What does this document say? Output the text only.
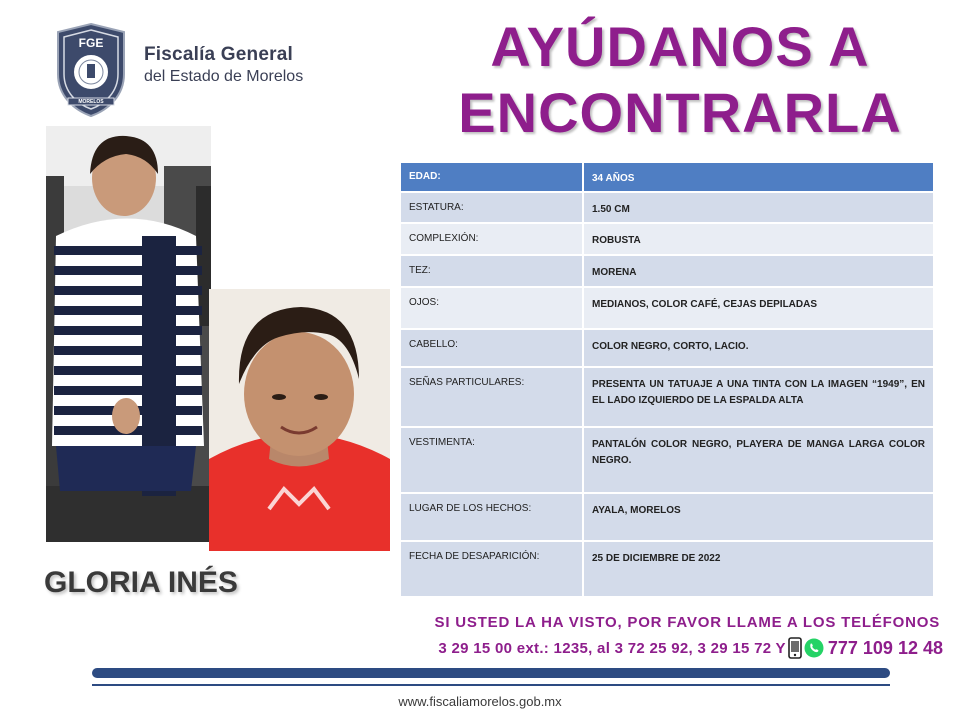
FGE
MORELOS
Fiscalía General
del Estado de Morelos	AYÚDANOS A
ENCONTRARLA
GLORIA INÉS
EDAD:	34 AÑOS
ESTATURA:	1.50 CM
COMPLEXIÓN:	ROBUSTA
TEZ:	MORENA
OJOS:	MEDIANOS, COLOR CAFÉ, CEJAS DEPILADAS
CABELLO:	COLOR NEGRO, CORTO, LACIO.
SEÑAS PARTICULARES:	PRESENTA UN TATUAJE A UNA TINTA CON LA IMAGEN “1949”, EN EL LADO IZQUIERDO DE LA ESPALDA ALTA
VESTIMENTA:	PANTALÓN COLOR NEGRO, PLAYERA DE MANGA LARGA COLOR NEGRO.
LUGAR DE LOS HECHOS:	AYALA, MORELOS
FECHA DE DESAPARICIÓN:	25 DE DICIEMBRE DE 2022
SI USTED LA HA VISTO, POR FAVOR LLAME A LOS TELÉFONOS
3 29 15 00 ext.: 1235, al 3 72 25 92, 3 29 15 72 Y 777 109 12 48
www.fiscaliamorelos.gob.mx
